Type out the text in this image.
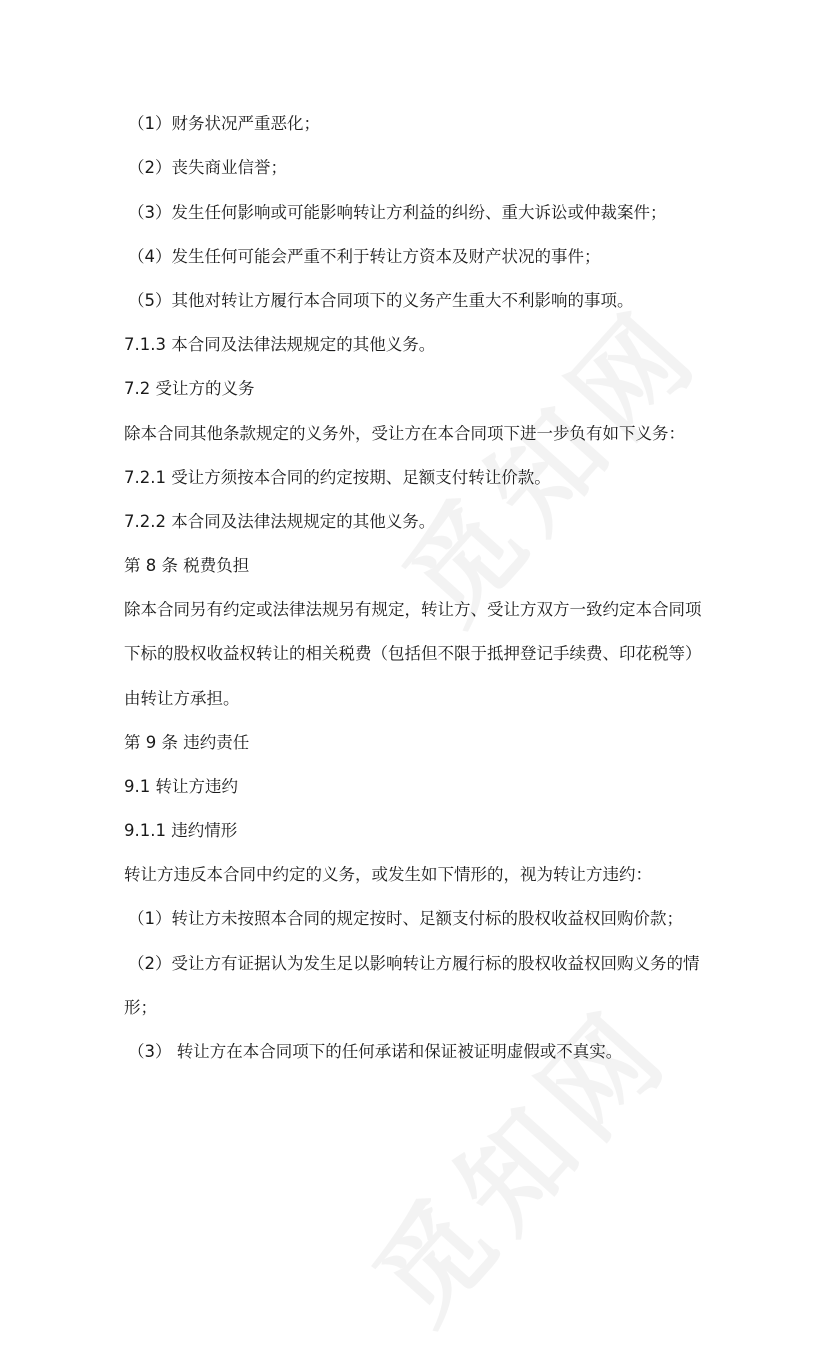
（1）财务状况严重恶化；
（2）丧失商业信誉；
（3）发生任何影响或可能影响转让方利益的纠纷、重大诉讼或仲裁案件；
（4）发生任何可能会严重不利于转让方资本及财产状况的事件；
（5）其他对转让方履行本合同项下的义务产生重大不利影响的事项。
7.1.3 本合同及法律法规规定的其他义务。
7.2 受让方的义务
除本合同其他条款规定的义务外，受让方在本合同项下进一步负有如下义务：
7.2.1 受让方须按本合同的约定按期、足额支付转让价款。
7.2.2 本合同及法律法规规定的其他义务。
第 8 条 税费负担
除本合同另有约定或法律法规另有规定，转让方、受让方双方一致约定本合同项
下标的股权收益权转让的相关税费（包括但不限于抵押登记手续费、印花税等）
由转让方承担。
第 9 条 违约责任
9.1 转让方违约
9.1.1 违约情形
转让方违反本合同中约定的义务，或发生如下情形的，视为转让方违约：
（1）转让方未按照本合同的规定按时、足额支付标的股权收益权回购价款；
（2）受让方有证据认为发生足以影响转让方履行标的股权收益权回购义务的情
形；
（3） 转让方在本合同项下的任何承诺和保证被证明虚假或不真实。
